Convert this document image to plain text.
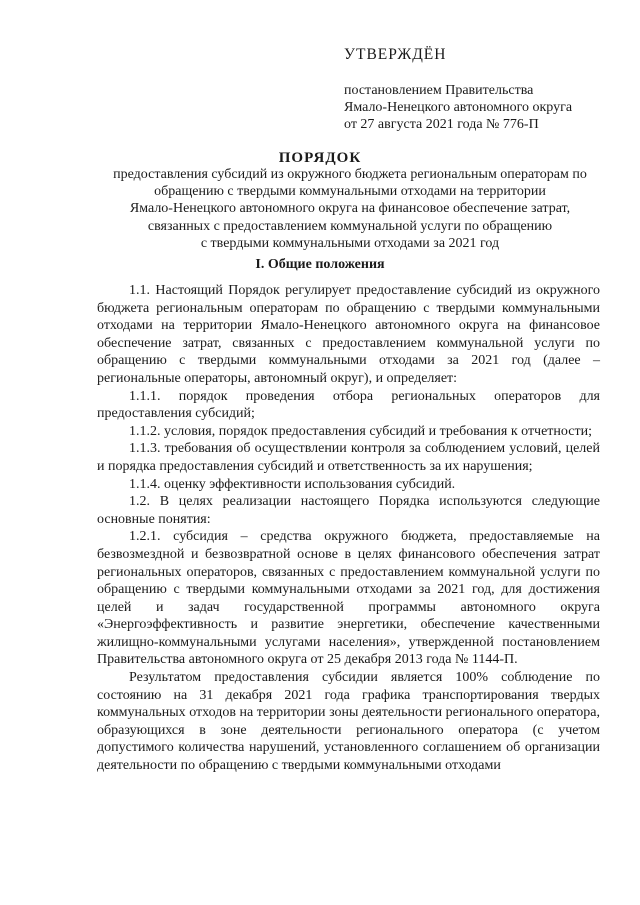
УТВЕРЖДЁН
постановлением Правительства
Ямало-Ненецкого автономного округа
от 27 августа 2021 года № 776-П
ПОРЯДОК
предоставления субсидий из окружного бюджета региональным операторам по
обращению с твердыми коммунальными отходами на территории
Ямало-Ненецкого автономного округа на финансовое обеспечение затрат,
связанных с предоставлением коммунальной услуги по обращению
с твердыми коммунальными отходами за 2021 год
I. Общие положения

1.1. Настоящий Порядок регулирует предоставление субсидий из окружного бюджета региональным операторам по обращению с твердыми коммунальными отходами на территории Ямало-Ненецкого автономного округа на финансовое обеспечение затрат, связанных с предоставлением коммунальной услуги по обращению с твердыми коммунальными отходами за 2021 год (далее – региональные операторы, автономный округ), и определяет:

1.1.1. порядок проведения отбора региональных операторов для предоставления субсидий;

1.1.2. условия, порядок предоставления субсидий и требования к отчетности;

1.1.3. требования об осуществлении контроля за соблюдением условий, целей и порядка предоставления субсидий и ответственность за их нарушения;

1.1.4. оценку эффективности использования субсидий.

1.2. В целях реализации настоящего Порядка используются следующие основные понятия:

1.2.1. субсидия – средства окружного бюджета, предоставляемые на безвозмездной и безвозвратной основе в целях финансового обеспечения затрат региональных операторов, связанных с предоставлением коммунальной услуги по обращению с твердыми коммунальными отходами за 2021 год, для достижения целей и задач государственной программы автономного округа «Энергоэффективность и развитие энергетики, обеспечение качественными жилищно-коммунальными услугами населения», утвержденной постановлением Правительства автономного округа от 25 декабря 2013 года № 1144-П.

Результатом предоставления субсидии является 100% соблюдение по состоянию на 31 декабря 2021 года графика транспортирования твердых коммунальных отходов на территории зоны деятельности регионального оператора, образующихся в зоне деятельности регионального оператора (с учетом допустимого количества нарушений, установленного соглашением об организации деятельности по обращению с твердыми коммунальными отходами
